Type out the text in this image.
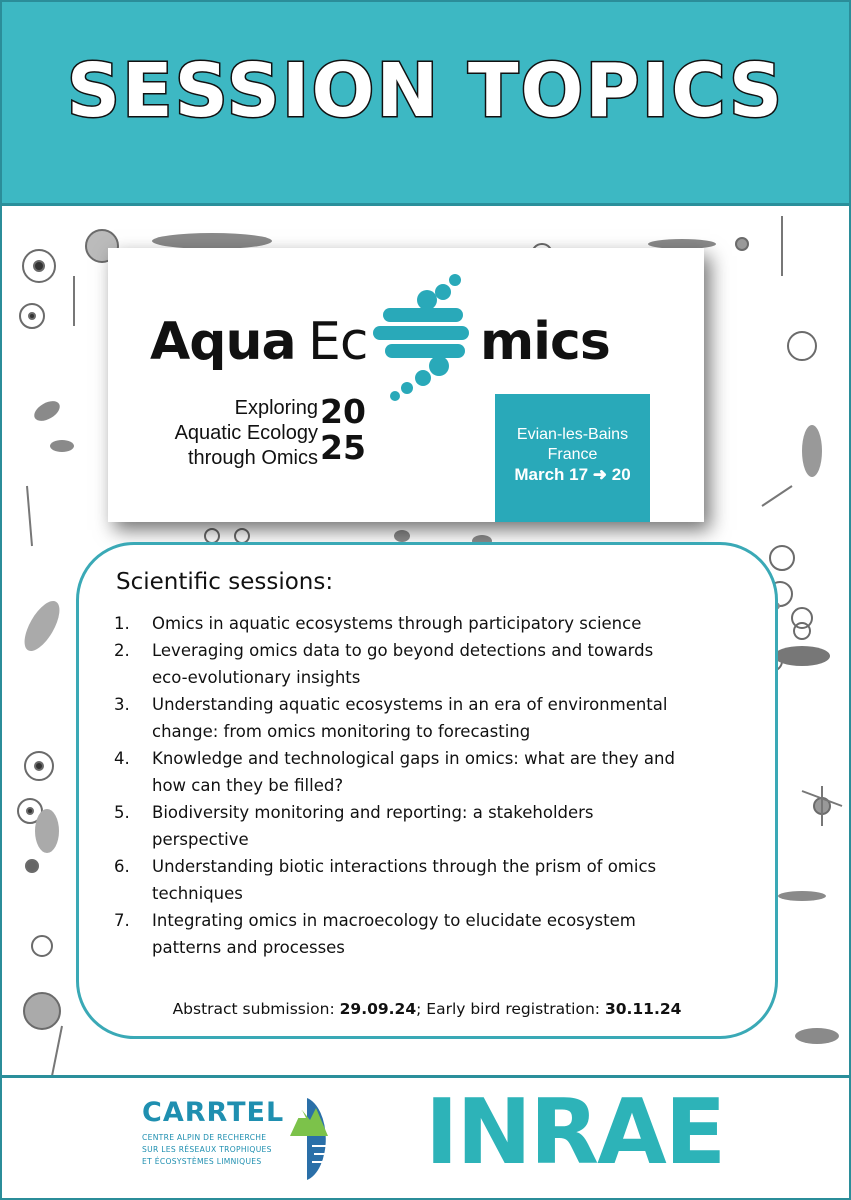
SESSION TOPICS
Aqua Ec mics
Exploring
Aquatic Ecology
through Omics
20
25	Evian-les-Bains
France
March 17 ➜ 20
Scientific sessions:
1. Omics in aquatic ecosystems through participatory science
2. Leveraging omics data to go beyond detections and towards
eco-evolutionary insights
3. Understanding aquatic ecosystems in an era of environmental
change: from omics monitoring to forecasting
4. Knowledge and technological gaps in omics: what are they and
how can they be filled?
5. Biodiversity monitoring and reporting: a stakeholders
perspective
6. Understanding biotic interactions through the prism of omics
techniques
7. Integrating omics in macroecology to elucidate ecosystem
patterns and processes
Abstract submission: 29.09.24; Early bird registration: 30.11.24
CARRTEL
CENTRE ALPIN DE RECHERCHE
SUR LES RÉSEAUX TROPHIQUES
ET ÉCOSYSTÈMES LIMNIQUES INRAE
